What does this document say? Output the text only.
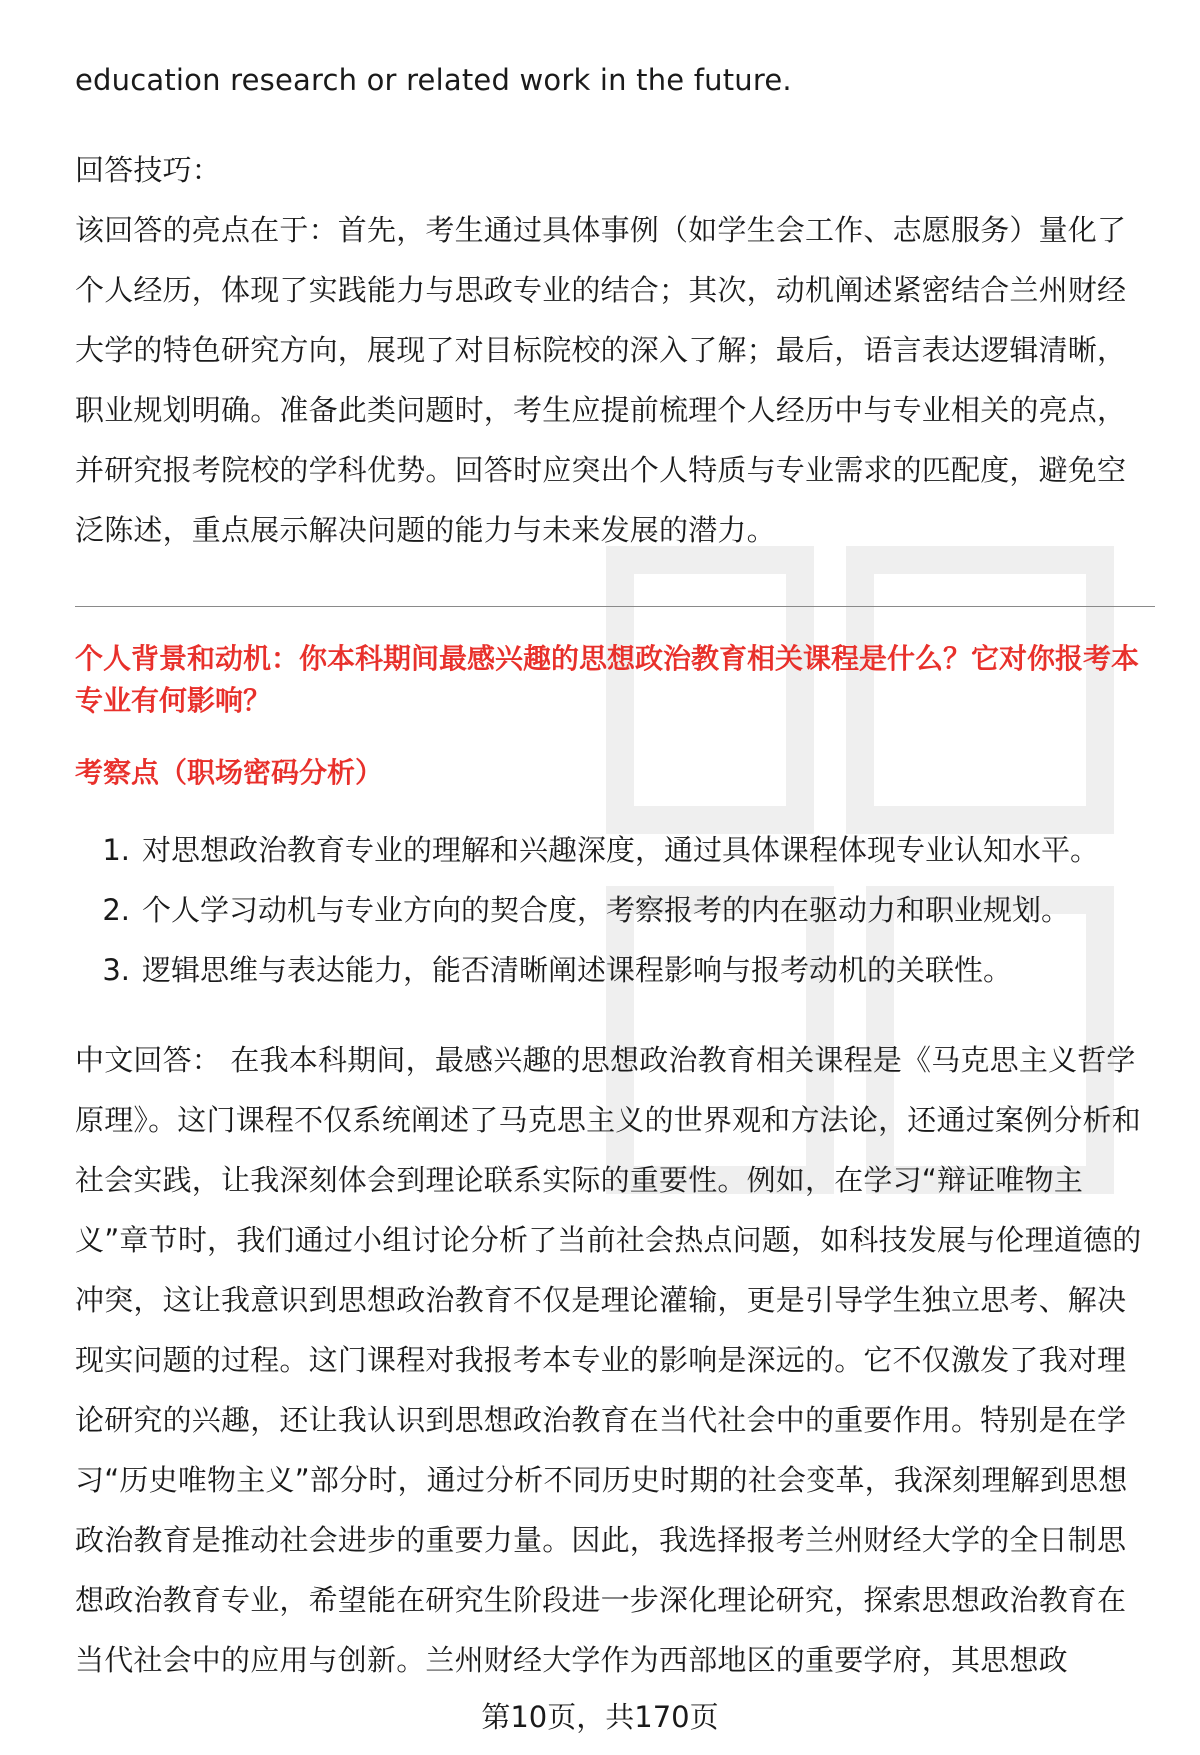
education research or related work in the future.

回答技巧：

该回答的亮点在于：首先，考生通过具体事例（如学生会工作、志愿服务）量化了个人经历，体现了实践能力与思政专业的结合；其次，动机阐述紧密结合兰州财经大学的特色研究方向，展现了对目标院校的深入了解；最后，语言表达逻辑清晰，职业规划明确。准备此类问题时，考生应提前梳理个人经历中与专业相关的亮点，并研究报考院校的学科优势。回答时应突出个人特质与专业需求的匹配度，避免空泛陈述，重点展示解决问题的能力与未来发展的潜力。

个人背景和动机：你本科期间最感兴趣的思想政治教育相关课程是什么？它对你报考本专业有何影响？
考察点（职场密码分析）
1. 对思想政治教育专业的理解和兴趣深度，通过具体课程体现专业认知水平。
2. 个人学习动机与专业方向的契合度，考察报考的内在驱动力和职业规划。
3. 逻辑思维与表达能力，能否清晰阐述课程影响与报考动机的关联性。

中文回答： 在我本科期间，最感兴趣的思想政治教育相关课程是《马克思主义哲学原理》。这门课程不仅系统阐述了马克思主义的世界观和方法论，还通过案例分析和社会实践，让我深刻体会到理论联系实际的重要性。例如，在学习“辩证唯物主义”章节时，我们通过小组讨论分析了当前社会热点问题，如科技发展与伦理道德的冲突，这让我意识到思想政治教育不仅是理论灌输，更是引导学生独立思考、解决现实问题的过程。这门课程对我报考本专业的影响是深远的。它不仅激发了我对理论研究的兴趣，还让我认识到思想政治教育在当代社会中的重要作用。特别是在学习“历史唯物主义”部分时，通过分析不同历史时期的社会变革，我深刻理解到思想政治教育是推动社会进步的重要力量。因此，我选择报考兰州财经大学的全日制思想政治教育专业，希望能在研究生阶段进一步深化理论研究，探索思想政治教育在当代社会中的应用与创新。兰州财经大学作为西部地区的重要学府，其思想政

第10页，共170页
